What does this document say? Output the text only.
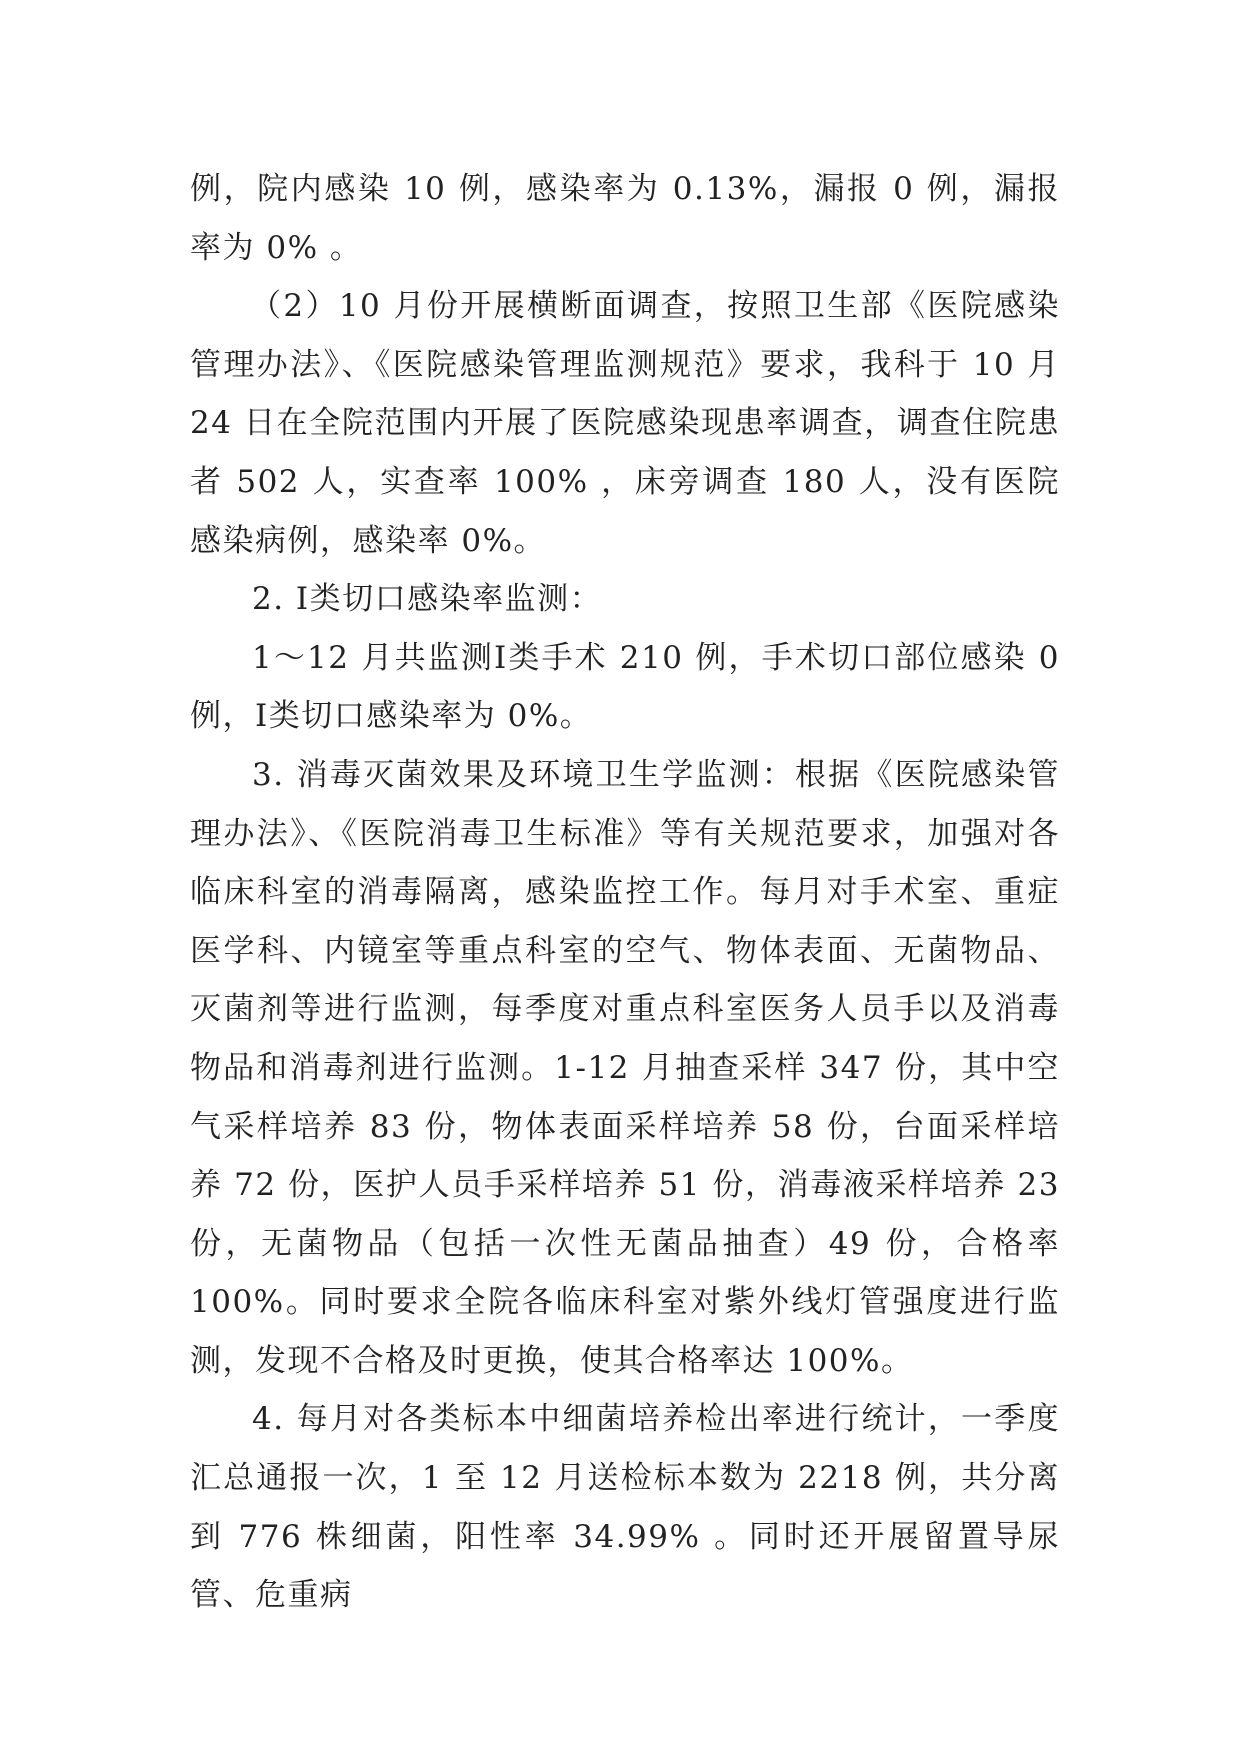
例，院内感染 10 例，感染率为 0.13%，漏报 0 例，漏报率为 0% 。

（2）10 月份开展横断面调查，按照卫生部《医院感染管理办法》、《医院感染管理监测规范》要求，我科于 10 月 24 日在全院范围内开展了医院感染现患率调查，调查住院患者 502 人，实查率 100% ，床旁调查 180 人，没有医院感染病例，感染率 0%。

2. Ⅰ类切口感染率监测：

1～12 月共监测Ⅰ类手术 210 例，手术切口部位感染 0 例，Ⅰ类切口感染率为 0%。

3. 消毒灭菌效果及环境卫生学监测：根据《医院感染管理办法》、《医院消毒卫生标准》等有关规范要求，加强对各临床科室的消毒隔离，感染监控工作。每月对手术室、重症医学科、内镜室等重点科室的空气、物体表面、无菌物品、灭菌剂等进行监测，每季度对重点科室医务人员手以及消毒物品和消毒剂进行监测。1-12 月抽查采样 347 份，其中空气采样培养 83 份，物体表面采样培养 58 份，台面采样培养 72 份，医护人员手采样培养 51 份，消毒液采样培养 23 份，无菌物品（包括一次性无菌品抽查）49 份，合格率 100%。同时要求全院各临床科室对紫外线灯管强度进行监测，发现不合格及时更换，使其合格率达 100%。

4. 每月对各类标本中细菌培养检出率进行统计，一季度汇总通报一次，1 至 12 月送检标本数为 2218 例，共分离到 776 株细菌，阳性率 34.99% 。同时还开展留置导尿管、危重病
